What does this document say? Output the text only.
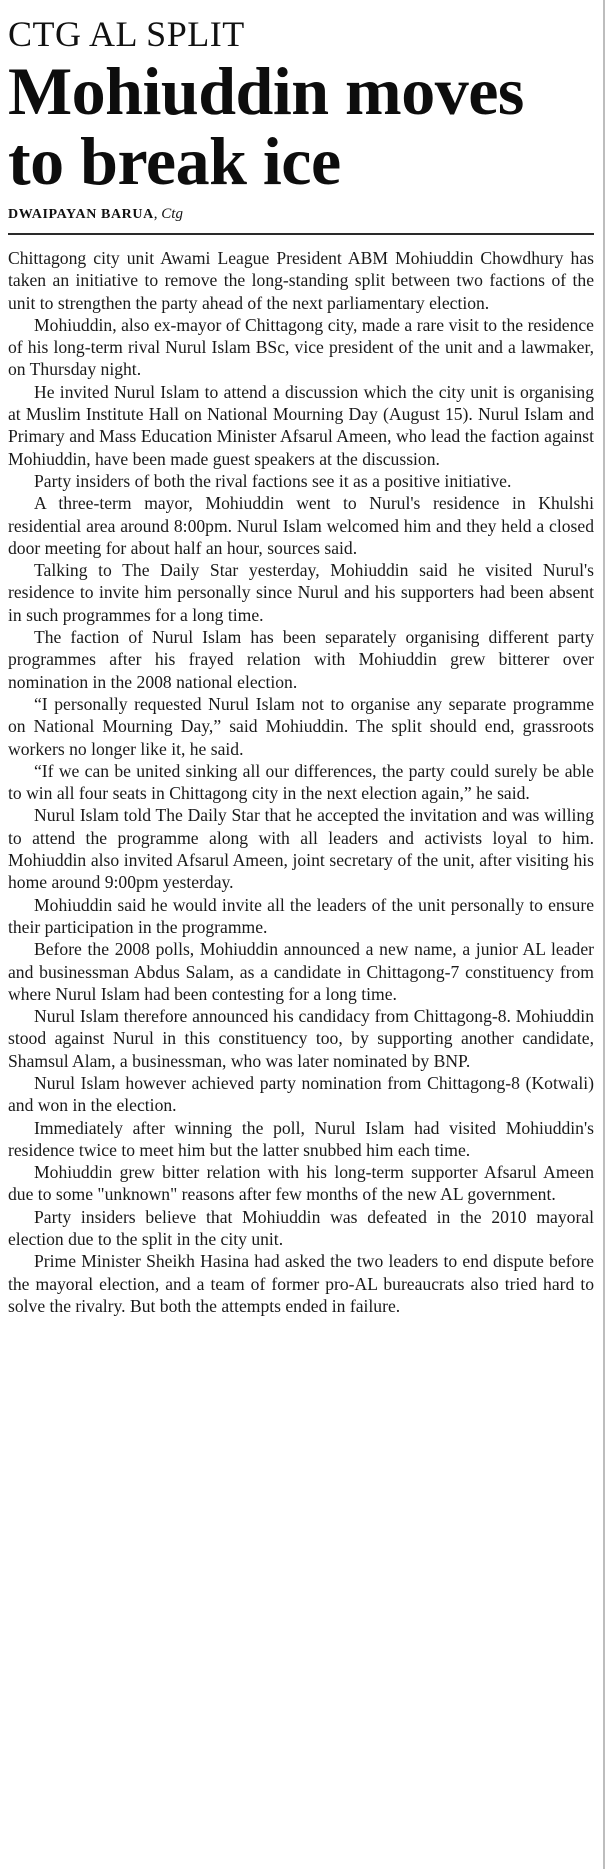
CTG AL SPLIT
Mohiuddin moves to break ice
DWAIPAYAN BARUA, Ctg

Chittagong city unit Awami League President ABM Mohiuddin Chowdhury has taken an initiative to remove the long-standing split between two factions of the unit to strengthen the party ahead of the next parliamentary election.

Mohiuddin, also ex-mayor of Chittagong city, made a rare visit to the residence of his long-term rival Nurul Islam BSc, vice president of the unit and a lawmaker, on Thursday night.

He invited Nurul Islam to attend a discussion which the city unit is organising at Muslim Institute Hall on National Mourning Day (August 15). Nurul Islam and Primary and Mass Education Minister Afsarul Ameen, who lead the faction against Mohiuddin, have been made guest speakers at the discussion.

Party insiders of both the rival factions see it as a positive initiative.

A three-term mayor, Mohiuddin went to Nurul's residence in Khulshi residential area around 8:00pm. Nurul Islam welcomed him and they held a closed door meeting for about half an hour, sources said.

Talking to The Daily Star yesterday, Mohiuddin said he visited Nurul's residence to invite him personally since Nurul and his supporters had been absent in such programmes for a long time.

The faction of Nurul Islam has been separately organising different party programmes after his frayed relation with Mohiuddin grew bitterer over nomination in the 2008 national election.

“I personally requested Nurul Islam not to organise any separate programme on National Mourning Day,” said Mohiuddin. The split should end, grassroots workers no longer like it, he said.

“If we can be united sinking all our differences, the party could surely be able to win all four seats in Chittagong city in the next election again,” he said.

Nurul Islam told The Daily Star that he accepted the invitation and was willing to attend the programme along with all leaders and activists loyal to him. Mohiuddin also invited Afsarul Ameen, joint secretary of the unit, after visiting his home around 9:00pm yesterday.

Mohiuddin said he would invite all the leaders of the unit personally to ensure their participation in the programme.

Before the 2008 polls, Mohiuddin announced a new name, a junior AL leader and businessman Abdus Salam, as a candidate in Chittagong-7 constituency from where Nurul Islam had been contesting for a long time.

Nurul Islam therefore announced his candidacy from Chittagong-8. Mohiuddin stood against Nurul in this constituency too, by supporting another candidate, Shamsul Alam, a businessman, who was later nominated by BNP.

Nurul Islam however achieved party nomination from Chittagong-8 (Kotwali) and won in the election.

Immediately after winning the poll, Nurul Islam had visited Mohiuddin's residence twice to meet him but the latter snubbed him each time.

Mohiuddin grew bitter relation with his long-term supporter Afsarul Ameen due to some "unknown" reasons after few months of the new AL government.

Party insiders believe that Mohiuddin was defeated in the 2010 mayoral election due to the split in the city unit.

Prime Minister Sheikh Hasina had asked the two leaders to end dispute before the mayoral election, and a team of former pro-AL bureaucrats also tried hard to solve the rivalry. But both the attempts ended in failure.
